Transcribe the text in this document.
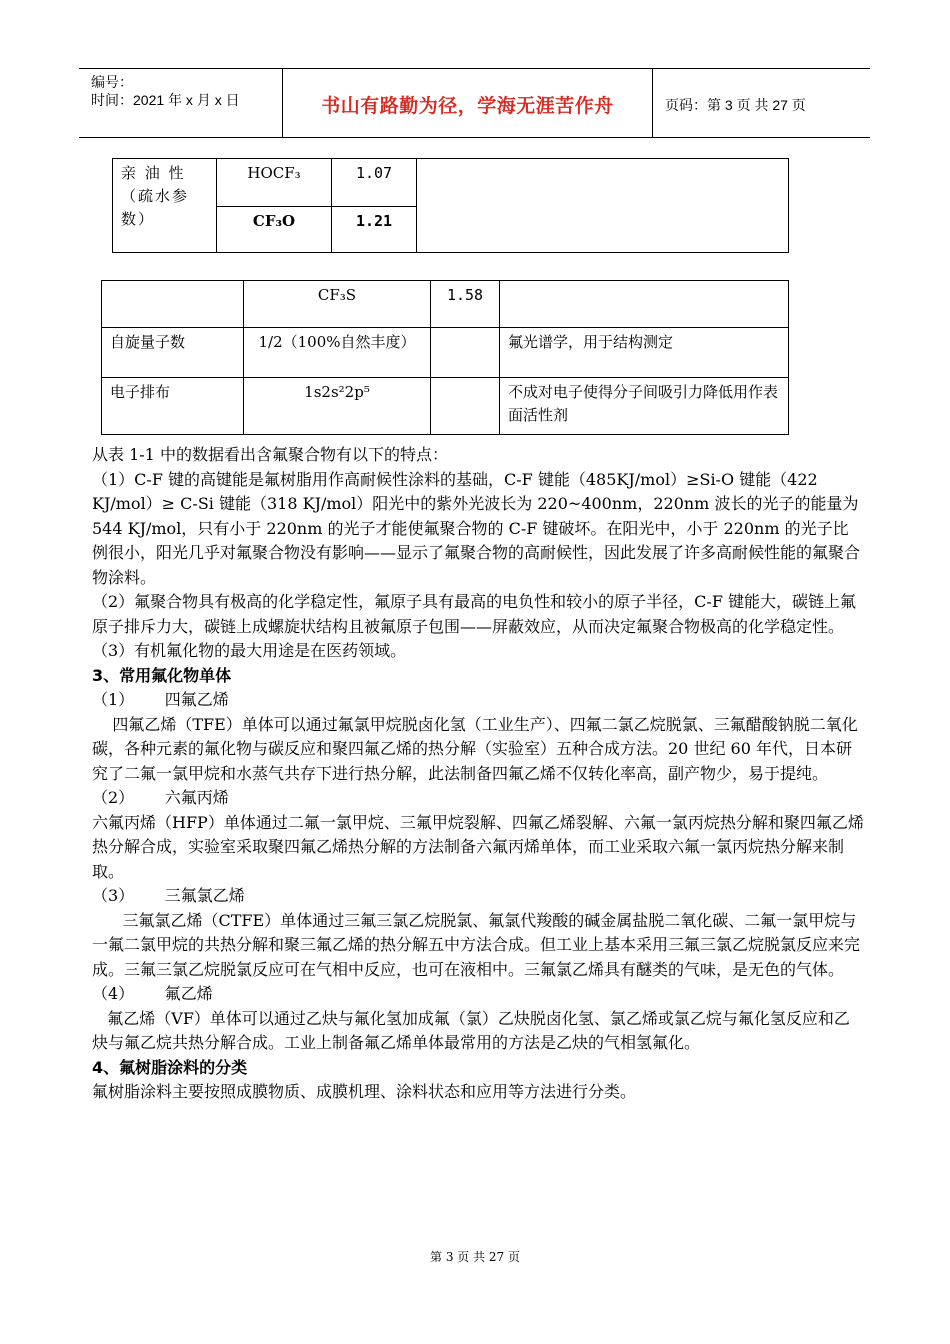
编号：
时间：2021 年 x 月 x 日	书山有路勤为径，学海无涯苦作舟	页码：第 3 页 共 27 页
亲 油 性（疏水参数）	HOCF₃	1.07	
	CF₃O	1.21	
	CF₃S	1.58	
自旋量子数	1/2（100%自然丰度）		氟光谱学，用于结构测定
电子排布	1s2s²2p⁵		不成对电子使得分子间吸引力降低用作表面活性剂

从表 1-1 中的数据看出含氟聚合物有以下的特点：

（1）C-F 键的高键能是氟树脂用作高耐候性涂料的基础，C-F 键能（485KJ/mol）≥Si-O 键能（422 KJ/mol）≥ C-Si 键能（318 KJ/mol）阳光中的紫外光波长为 220~400nm，220nm 波长的光子的能量为 544 KJ/mol，只有小于 220nm 的光子才能使氟聚合物的 C-F 键破坏。在阳光中，小于 220nm 的光子比例很小，阳光几乎对氟聚合物没有影响——显示了氟聚合物的高耐候性，因此发展了许多高耐候性能的氟聚合物涂料。

（2）氟聚合物具有极高的化学稳定性，氟原子具有最高的电负性和较小的原子半径，C-F 键能大，碳链上氟原子排斥力大，碳链上成螺旋状结构且被氟原子包围——屏蔽效应，从而决定氟聚合物极高的化学稳定性。

（3）有机氟化物的最大用途是在医药领域。

3、常用氟化物单体

（1）      四氟乙烯

四氟乙烯（TFE）单体可以通过氟氯甲烷脱卤化氢（工业生产）、四氟二氯乙烷脱氯、三氟醋酸钠脱二氧化碳，各种元素的氟化物与碳反应和聚四氟乙烯的热分解（实验室）五种合成方法。20 世纪 60 年代，日本研究了二氟一氯甲烷和水蒸气共存下进行热分解，此法制备四氟乙烯不仅转化率高，副产物少，易于提纯。

（2）      六氟丙烯

六氟丙烯（HFP）单体通过二氟一氯甲烷、三氟甲烷裂解、四氟乙烯裂解、六氟一氯丙烷热分解和聚四氟乙烯热分解合成，实验室采取聚四氟乙烯热分解的方法制备六氟丙烯单体，而工业采取六氟一氯丙烷热分解来制取。

（3）      三氟氯乙烯

三氟氯乙烯（CTFE）单体通过三氟三氯乙烷脱氯、氟氯代羧酸的碱金属盐脱二氧化碳、二氟一氯甲烷与一氟二氯甲烷的共热分解和聚三氟乙烯的热分解五中方法合成。但工业上基本采用三氟三氯乙烷脱氯反应来完成。三氟三氯乙烷脱氯反应可在气相中反应，也可在液相中。三氟氯乙烯具有醚类的气味，是无色的气体。

（4）      氟乙烯

氟乙烯（VF）单体可以通过乙炔与氟化氢加成氟（氯）乙炔脱卤化氢、氯乙烯或氯乙烷与氟化氢反应和乙炔与氟乙烷共热分解合成。工业上制备氟乙烯单体最常用的方法是乙炔的气相氢氟化。

4、氟树脂涂料的分类

氟树脂涂料主要按照成膜物质、成膜机理、涂料状态和应用等方法进行分类。

第 3 页 共 27 页
